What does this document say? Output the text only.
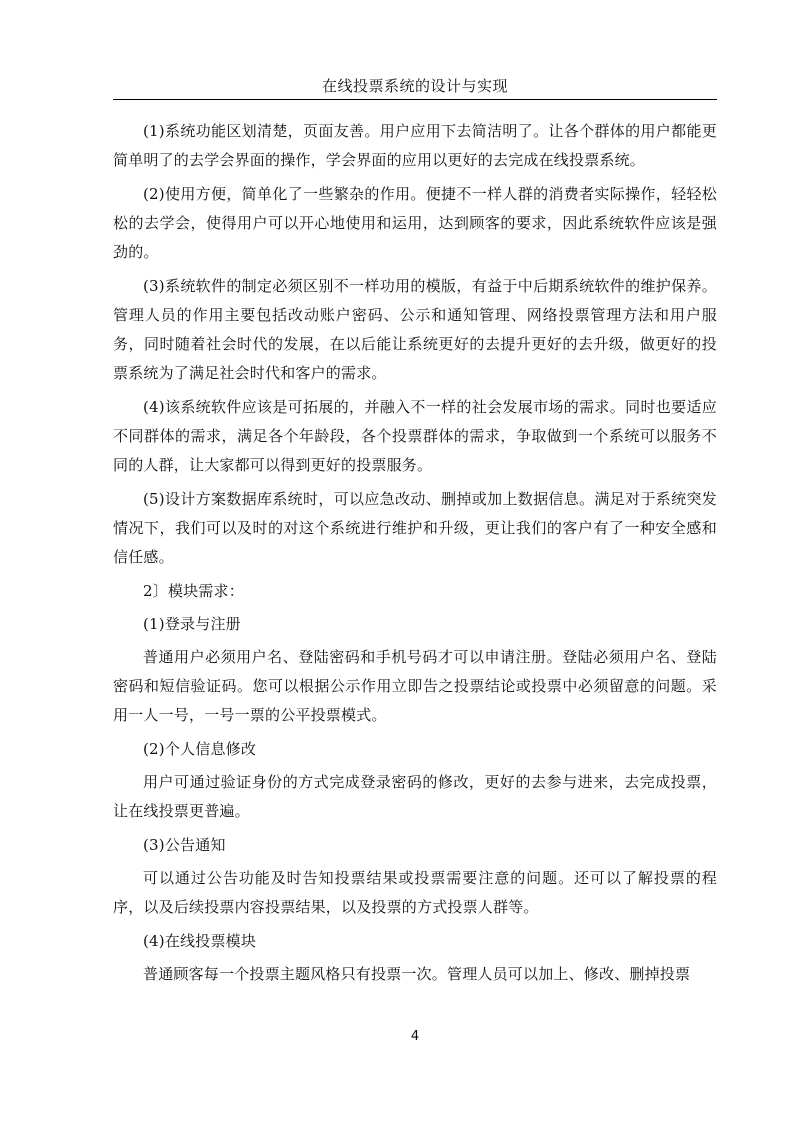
在线投票系统的设计与实现

(1)系统功能区划清楚，页面友善。用户应用下去简洁明了。让各个群体的用户都能更简单明了的去学会界面的操作，学会界面的应用以更好的去完成在线投票系统。

(2)使用方便，简单化了一些繁杂的作用。便捷不一样人群的消费者实际操作，轻轻松松的去学会，使得用户可以开心地使用和运用，达到顾客的要求，因此系统软件应该是强劲的。

(3)系统软件的制定必须区别不一样功用的模版，有益于中后期系统软件的维护保养。管理人员的作用主要包括改动账户密码、公示和通知管理、网络投票管理方法和用户服务，同时随着社会时代的发展，在以后能让系统更好的去提升更好的去升级，做更好的投票系统为了满足社会时代和客户的需求。

(4)该系统软件应该是可拓展的，并融入不一样的社会发展市场的需求。同时也要适应不同群体的需求，满足各个年龄段，各个投票群体的需求，争取做到一个系统可以服务不同的人群，让大家都可以得到更好的投票服务。

(5)设计方案数据库系统时，可以应急改动、删掉或加上数据信息。满足对于系统突发情况下，我们可以及时的对这个系统进行维护和升级，更让我们的客户有了一种安全感和信任感。

2〕模块需求：

(1)登录与注册

普通用户必须用户名、登陆密码和手机号码才可以申请注册。登陆必须用户名、登陆密码和短信验证码。您可以根据公示作用立即告之投票结论或投票中必须留意的问题。采用一人一号，一号一票的公平投票模式。

(2)个人信息修改

用户可通过验证身份的方式完成登录密码的修改，更好的去参与进来，去完成投票，让在线投票更普遍。

(3)公告通知

可以通过公告功能及时告知投票结果或投票需要注意的问题。还可以了解投票的程序，以及后续投票内容投票结果，以及投票的方式投票人群等。

(4)在线投票模块

普通顾客每一个投票主题风格只有投票一次。管理人员可以加上、修改、删掉投票

4
